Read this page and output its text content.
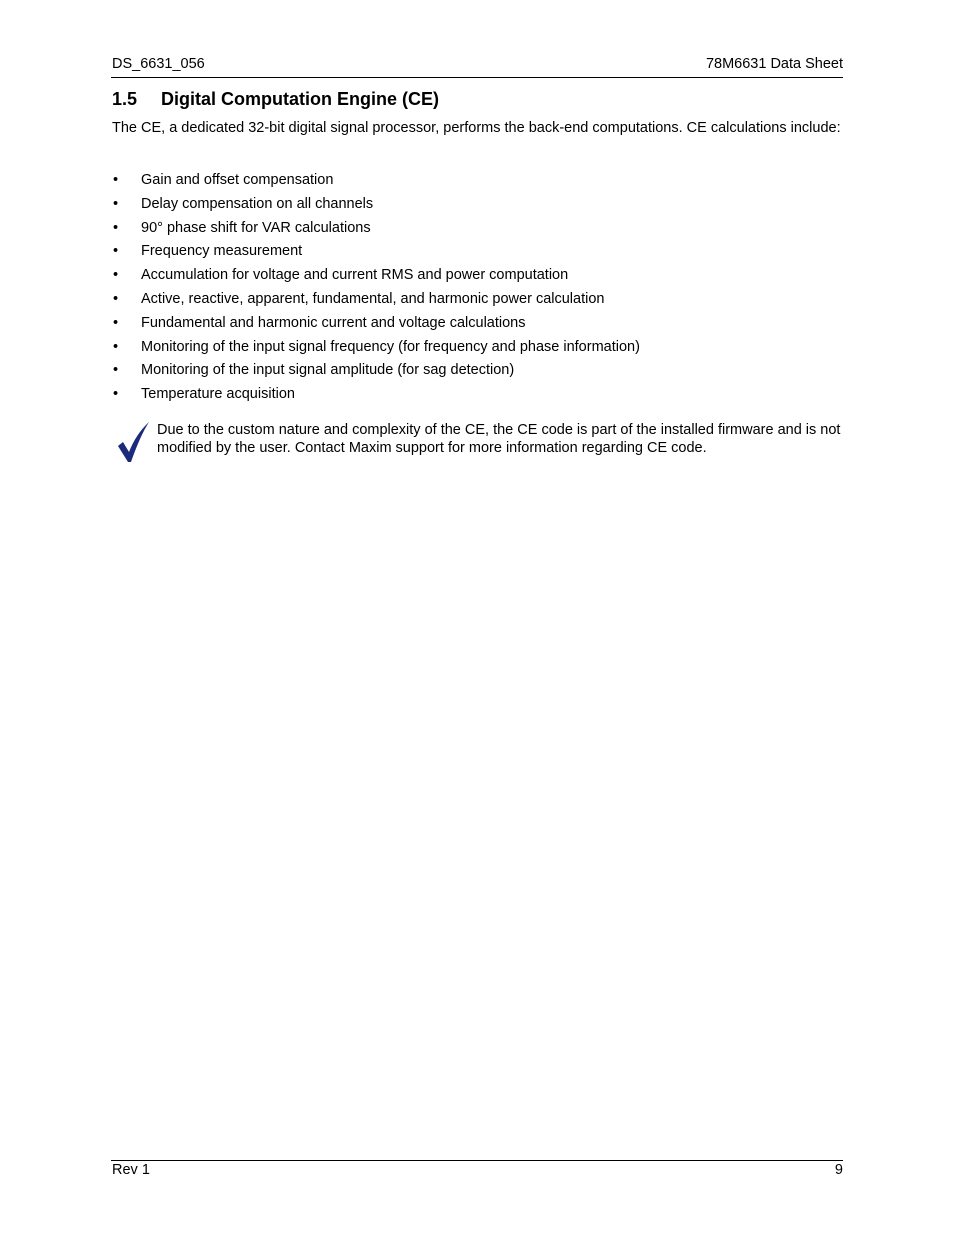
DS_6631_056	78M6631 Data Sheet
1.5	Digital Computation Engine (CE)

The CE, a dedicated 32-bit digital signal processor, performs the back-end computations. CE calculations include:

•	Gain and offset compensation
•	Delay compensation on all channels
•	90° phase shift for VAR calculations
•	Frequency measurement
•	Accumulation for voltage and current RMS and power computation
•	Active, reactive, apparent, fundamental, and harmonic power calculation
•	Fundamental and harmonic current and voltage calculations
•	Monitoring of the input signal frequency (for frequency and phase information)
•	Monitoring of the input signal amplitude (for sag detection)
•	Temperature acquisition

Due to the custom nature and complexity of the CE, the CE code is part of the installed firmware and is not modified by the user. Contact Maxim support for more information regarding CE code.

Rev 1	9
